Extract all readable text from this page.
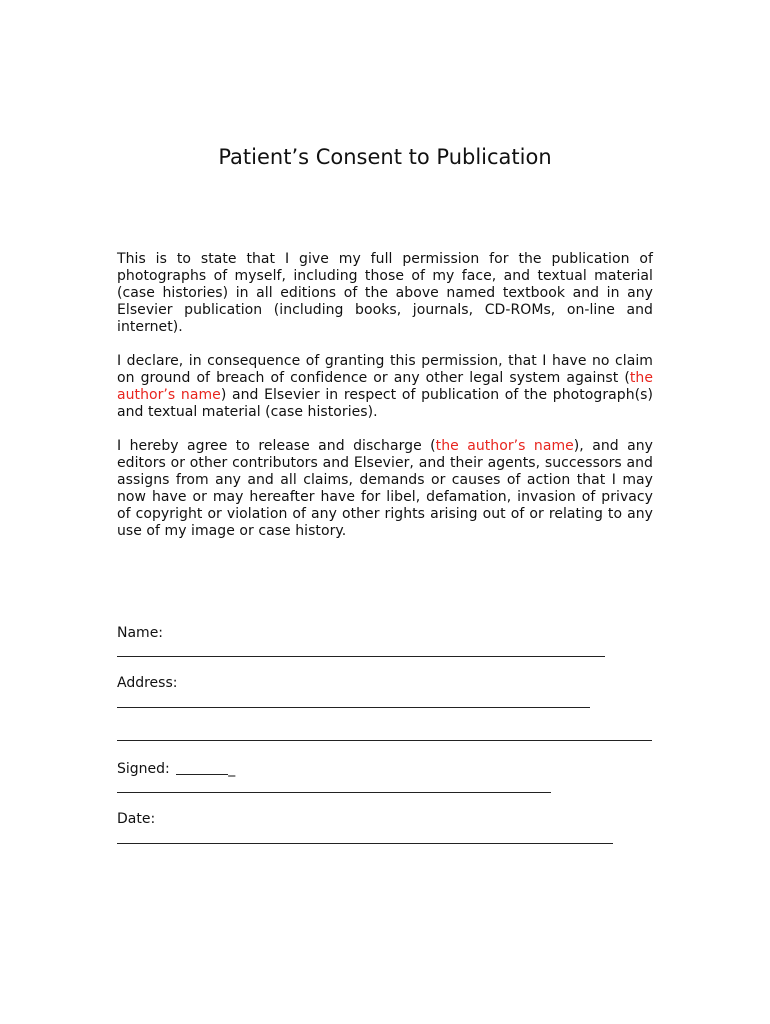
Patient’s Consent to Publication

This is to state that I give my full permission for the publication of photographs of myself, including those of my face, and textual material (case histories) in all editions of the above named textbook and in any Elsevier publication (including books, journals, CD-ROMs, on-line and internet).

I declare, in consequence of granting this permission, that I have no claim on ground of breach of confidence or any other legal system against (the author’s name) and Elsevier in respect of publication of the photograph(s) and textual material (case histories).

I hereby agree to release and discharge (the author’s name), and any editors or other contributors and Elsevier, and their agents, successors and assigns from any and all claims, demands or causes of action that I may now have or may hereafter have for libel, defamation, invasion of privacy of copyright or violation of any other rights arising out of or relating to any use of my image or case history.

Name:
Address:
Signed:	_
Date:
